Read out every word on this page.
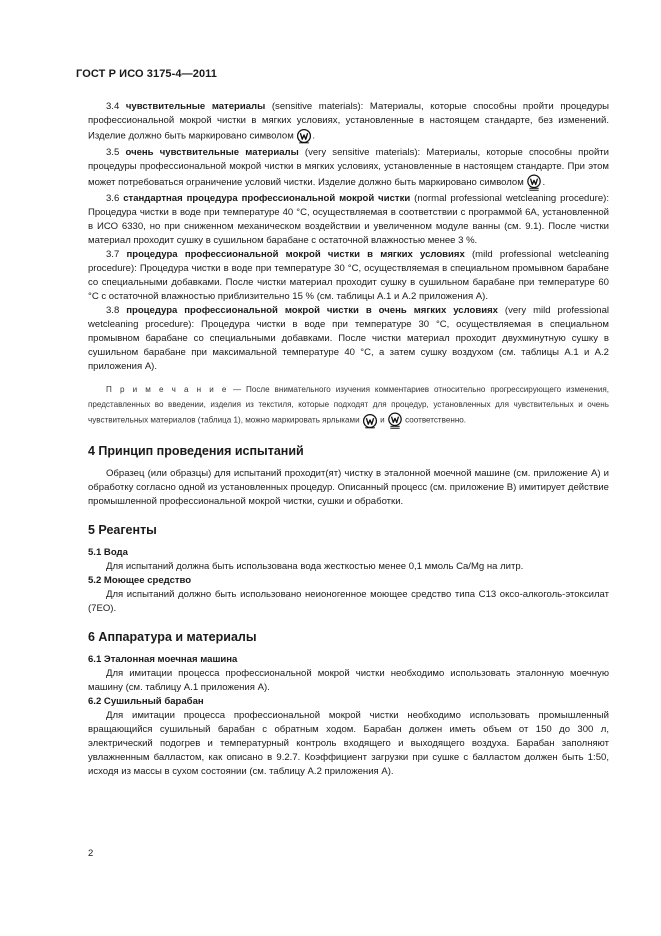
ГОСТ Р ИСО 3175-4—2011

3.4 чувствительные материалы (sensitive materials): Материалы, которые способны пройти процедуры профессиональной мокрой чистки в мягких условиях, установленные в настоящем стандарте, без изменений. Изделие должно быть маркировано символом .

3.5 очень чувствительные материалы (very sensitive materials): Материалы, которые способны пройти процедуры профессиональной мокрой чистки в мягких условиях, установленные в настоящем стандарте. При этом может потребоваться ограничение условий чистки. Изделие должно быть маркировано символом .

3.6 стандартная процедура профессиональной мокрой чистки (normal professional wetcleaning procedure): Процедура чистки в воде при температуре 40 °С, осуществляемая в соответствии с программой 6А, установленной в ИСО 6330, но при сниженном механическом воздействии и увеличенном модуле ванны (см. 9.1). После чистки материал проходит сушку в сушильном барабане с остаточной влажностью менее 3 %.

3.7 процедура профессиональной мокрой чистки в мягких условиях (mild professional wetcleaning procedure): Процедура чистки в воде при температуре 30 °С, осуществляемая в специальном промывном барабане со специальными добавками. После чистки материал проходит сушку в сушильном барабане при температуре 60 °С с остаточной влажностью приблизительно 15 % (см. таблицы А.1 и А.2 приложения А).

3.8 процедура профессиональной мокрой чистки в очень мягких условиях (very mild professional wetcleaning procedure): Процедура чистки в воде при температуре 30 °С, осуществляемая в специальном промывном барабане со специальными добавками. После чистки материал проходит двухминутную сушку в сушильном барабане при максимальной температуре 40 °С, а затем сушку воздухом (см. таблицы А.1 и А.2 приложения А).

П р и м е ч а н и е — После внимательного изучения комментариев относительно прогрессирующего изменения, представленных во введении, изделия из текстиля, которые подходят для процедур, установленных для чувствительных и очень чувствительных материалов (таблица 1), можно маркировать ярлыками	и	соответственно.

4 Принцип проведения испытаний

Образец (или образцы) для испытаний проходит(ят) чистку в эталонной моечной машине (см. приложение А) и обработку согласно одной из установленных процедур. Описанный процесс (см. приложение В) имитирует действие промышленной профессиональной мокрой чистки, сушки и обработки.

5 Реагенты

5.1 Вода

Для испытаний должна быть использована вода жесткостью менее 0,1 ммоль Ca/Mg на литр.

5.2 Моющее средство

Для испытаний должно быть использовано неионогенное моющее средство типа С13 оксо-алкоголь-этоксилат (7ЕО).

6 Аппаратура и материалы

6.1 Эталонная моечная машина

Для имитации процесса профессиональной мокрой чистки необходимо использовать эталонную моечную машину (см. таблицу А.1 приложения А).

6.2 Сушильный барабан

Для имитации процесса профессиональной мокрой чистки необходимо использовать промышленный вращающийся сушильный барабан с обратным ходом. Барабан должен иметь объем от 150 до 300 л, электрический подогрев и температурный контроль входящего и выходящего воздуха. Барабан заполняют увлажненным балластом, как описано в 9.2.7. Коэффициент загрузки при сушке с балластом должен быть 1:50, исходя из массы в сухом состоянии (см. таблицу А.2 приложения А).

2
